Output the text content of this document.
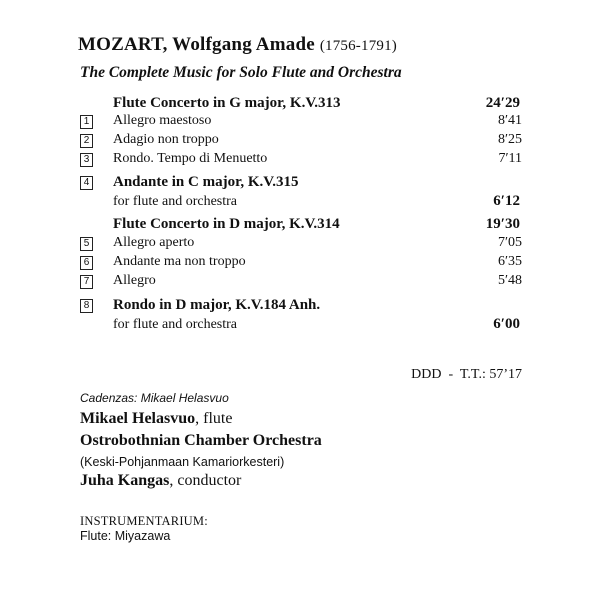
MOZART, Wolfgang Amade (1756-1791)
The Complete Music for Solo Flute and Orchestra
Flute Concerto in G major, K.V.313	24′29
1 Allegro maestoso	8′41
2 Adagio non troppo	8′25
3 Rondo. Tempo di Menuetto	7′11
4 Andante in C major, K.V.315
for flute and orchestra	6′12
Flute Concerto in D major, K.V.314	19′30
5 Allegro aperto	7′05
6 Andante ma non troppo	6′35
7 Allegro	5′48
8 Rondo in D major, K.V.184 Anh.
for flute and orchestra	6′00
DDD  -  T.T.: 57’17
Cadenzas: Mikael Helasvuo
Mikael Helasvuo, flute
Ostrobothnian Chamber Orchestra
(Keski-Pohjanmaan Kamariorkesteri)
Juha Kangas, conductor
INSTRUMENTARIUM:
Flute: Miyazawa
